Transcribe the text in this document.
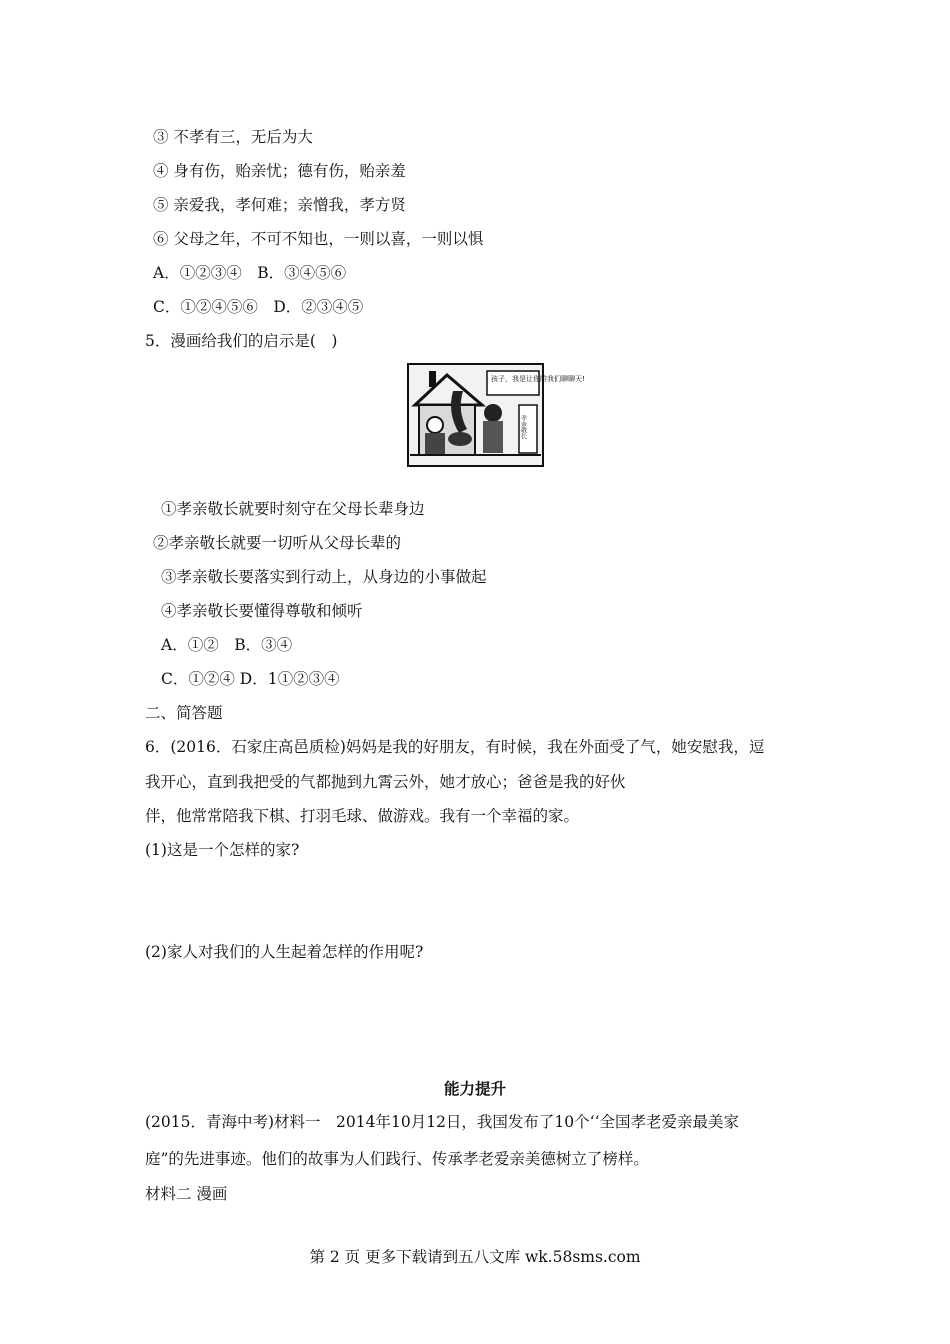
③ 不孝有三，无后为大
④ 身有伤，贻亲忧；德有伤，贻亲羞
⑤ 亲爱我，孝何难；亲憎我，孝方贤
⑥ 父母之年，不可不知也，一则以喜，一则以惧
A．①②③④　B．③④⑤⑥
C．①②④⑤⑥　D．②③④⑤
5．漫画给我们的启示是(　)
孩子，我是让你陪我们聊聊天!
孝亲敬长
①孝亲敬长就要时刻守在父母长辈身边
②孝亲敬长就要一切听从父母长辈的
③孝亲敬长要落实到行动上，从身边的小事做起
④孝亲敬长要懂得尊敬和倾听
A．①②　B．③④
C．①②④ D．1①②③④
二、简答题
6．(2016．石家庄高邑质检)妈妈是我的好朋友，有时候，我在外面受了气，她安慰我，逗
我开心，直到我把受的气都抛到九霄云外，她才放心；爸爸是我的好伙
伴，他常常陪我下棋、打羽毛球、做游戏。我有一个幸福的家。
(1)这是一个怎样的家?
(2)家人对我们的人生起着怎样的作用呢?
能力提升
(2015．青海中考)材料一　2014年10月12日，我国发布了10个‘‘全国孝老爱亲最美家
庭”的先进事迹。他们的故事为人们践行、传承孝老爱亲美德树立了榜样。
材料二 漫画
第 2 页 更多下载请到五八文库 wk.58sms.com
